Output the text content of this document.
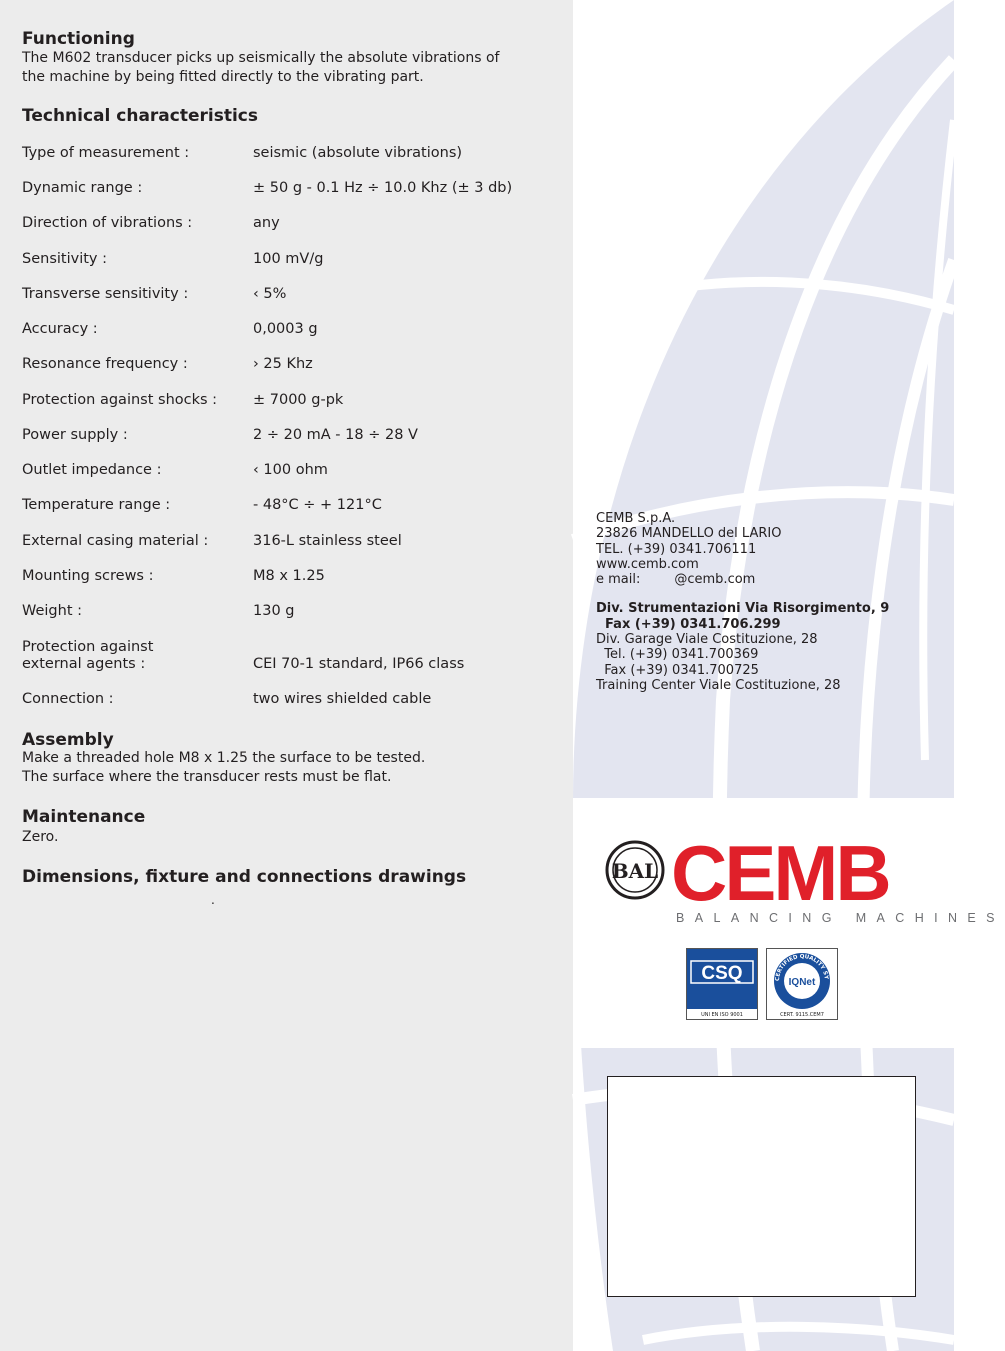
Functioning

The M602 transducer picks up seismically the absolute vibrations of

the machine by being fitted directly to the vibrating part.

Technical characteristics
Type of measurement :	seismic (absolute vibrations)
Dynamic range :	± 50 g - 0.1 Hz ÷ 10.0 Khz (± 3 db)
Direction of vibrations :	any
Sensitivity :	100 mV/g
Transverse sensitivity :	‹ 5%
Accuracy :	0,0003 g
Resonance frequency :	› 25 Khz
Protection against shocks : ± 7000 g-pk
Power supply :	2 ÷ 20 mA - 18 ÷ 28 V
Outlet impedance :	‹ 100 ohm
Temperature range :	- 48°C ÷ + 121°C
External casing material :	316-L stainless steel
Mounting screws :	M8 x 1.25
Weight :	130 g
Protection against
external agents :	CEI 70-1 standard, IP66 class
Connection :	two wires shielded cable
Assembly

Make a threaded hole M8 x 1.25 the surface to be tested.

The surface where the transducer rests must be flat.

Maintenance

Zero.

Dimensions, fixture and connections drawings
.
CEMB S.p.A.
23826 MANDELLO del LARIO
TEL. (+39) 0341.706111
www.cemb.com
e mail:	@cemb.com
Div. Strumentazioni Via Risorgimento, 9
Fax (+39) 0341.706.299
Div. Garage Viale Costituzione, 28
Tel. (+39) 0341.700369
Fax (+39) 0341.700725
Training Center Viale Costituzione, 28
BAL CEMB
BALANCING MACHINES
CSQ
UNI EN ISO 9001
CERTIFIED QUALITY SY
IQNet
CERT. 9115.CEM7
